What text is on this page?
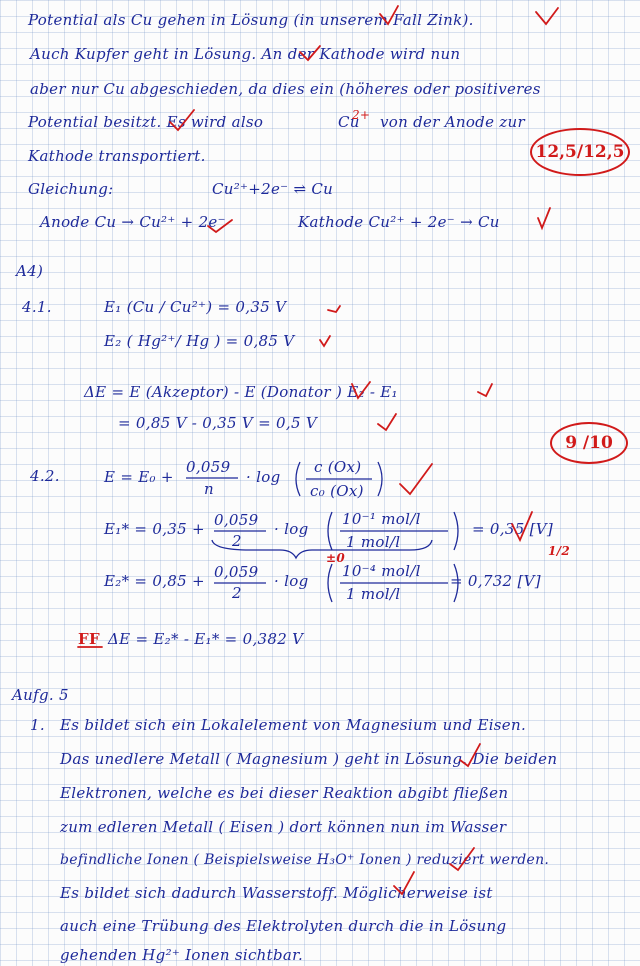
Potential als Cu gehen in Lösung (in unserem Fall Zink).
Auch Kupfer geht in Lösung. An der Kathode wird nun
aber nur Cu abgeschieden, da dies ein (höheres oder positiveres
Potential besitzt. Es wird also	Cu
2+ von der Anode zur
Kathode transportiert.
Gleichung:	Cu²⁺+2e⁻ ⇌ Cu
Anode Cu → Cu²⁺ + 2e⁻	Kathode Cu²⁺ + 2e⁻ → Cu
12,5/12,5
A4)
4.1.	E₁ (Cu / Cu²⁺) = 0,35 V
E₂ ( Hg²⁺/ Hg ) = 0,85 V
ΔE = E (Akzeptor) - E (Donator ) E₂ - E₁
= 0,85 V - 0,35 V = 0,5 V
9 /10
4.2.	E = E₀ +
0,059
n
· log
c (Ox)
c₀ (Ox)
E₁* = 0,35 + 0,059
2
· log
10⁻¹ mol/l
1 mol/l
= 0,35 [V]
1/2
E₂* = 0,85 + 0,059
2
· log
10⁻⁴ mol/l
1 mol/l
= 0,732 [V]
±0
FF ΔE = E₂* - E₁* = 0,382 V
Aufg. 5
1. Es bildet sich ein Lokalelement von Magnesium und Eisen.
Das unedlere Metall ( Magnesium ) geht in Lösung. Die beiden
Elektronen, welche es bei dieser Reaktion abgibt fließen
zum edleren Metall ( Eisen ) dort können nun im Wasser
befindliche Ionen ( Beispielsweise H₃O⁺ Ionen ) reduziert werden.
Es bildet sich dadurch Wasserstoff. Möglicherweise ist
auch eine Trübung des Elektrolyten durch die in Lösung
gehenden Hg²⁺ Ionen sichtbar.
